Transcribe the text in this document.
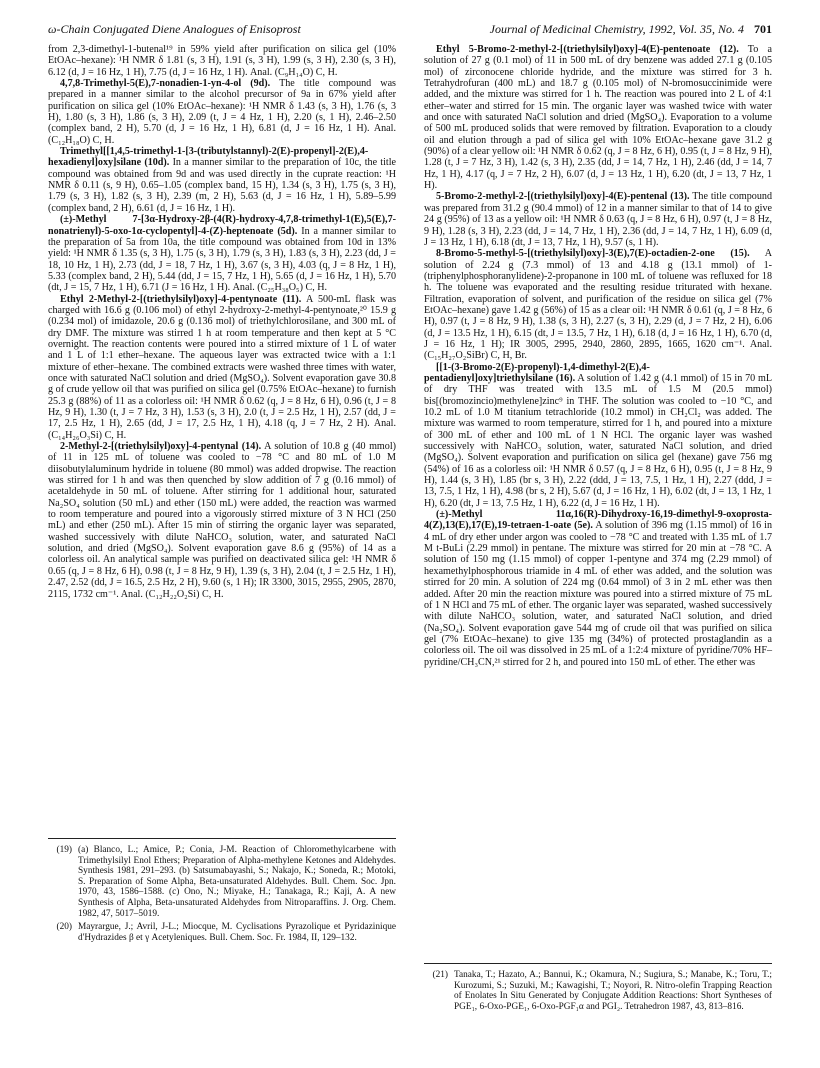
ω-Chain Conjugated Diene Analogues of Enisoprost	Journal of Medicinal Chemistry, 1992, Vol. 35, No. 4 701

from 2,3-dimethyl-1-butenal¹⁹ in 59% yield after purification on silica gel (10% EtOAc–hexane): ¹H NMR δ 1.81 (s, 3 H), 1.91 (s, 3 H), 1.99 (s, 3 H), 2.30 (s, 3 H), 6.12 (d, J = 16 Hz, 1 H), 7.75 (d, J = 16 Hz, 1 H). Anal. (C₉H₁₄O) C, H.

4,7,8-Trimethyl-5(E),7-nonadien-1-yn-4-ol (9d). The title compound was prepared in a manner similar to the alcohol precursor of 9a in 67% yield after purification on silica gel (10% EtOAc–hexane): ¹H NMR δ 1.43 (s, 3 H), 1.76 (s, 3 H), 1.80 (s, 3 H), 1.86 (s, 3 H), 2.09 (t, J = 4 Hz, 1 H), 2.20 (s, 1 H), 2.46–2.50 (complex band, 2 H), 5.70 (d, J = 16 Hz, 1 H), 6.81 (d, J = 16 Hz, 1 H). Anal. (C₁₂H₁₈O) C, H.

Trimethyl[[1,4,5-trimethyl-1-[3-(tributylstannyl)-2(E)-propenyl]-2(E),4-hexadienyl]oxy]silane (10d). In a manner similar to the preparation of 10c, the title compound was obtained from 9d and was used directly in the cuprate reaction: ¹H NMR δ 0.11 (s, 9 H), 0.65–1.05 (complex band, 15 H), 1.34 (s, 3 H), 1.75 (s, 3 H), 1.79 (s, 3 H), 1.82 (s, 3 H), 2.39 (m, 2 H), 5.63 (d, J = 16 Hz, 1 H), 5.89–5.99 (complex band, 2 H), 6.61 (d, J = 16 Hz, 1 H).

(±)-Methyl 7-[3α-Hydroxy-2β-(4(R)-hydroxy-4,7,8-trimethyl-1(E),5(E),7-nonatrienyl)-5-oxo-1α-cyclopentyl]-4-(Z)-heptenoate (5d). In a manner similar to the preparation of 5a from 10a, the title compound was obtained from 10d in 13% yield: ¹H NMR δ 1.35 (s, 3 H), 1.75 (s, 3 H), 1.79 (s, 3 H), 1.83 (s, 3 H), 2.23 (dd, J = 18, 10 Hz, 1 H), 2.73 (dd, J = 18, 7 Hz, 1 H), 3.67 (s, 3 H), 4.03 (q, J = 8 Hz, 1 H), 5.33 (complex band, 2 H), 5.44 (dd, J = 15, 7 Hz, 1 H), 5.65 (d, J = 16 Hz, 1 H), 5.70 (dt, J = 15, 7 Hz, 1 H), 6.71 (J = 16 Hz, 1 H). Anal. (C₂₅H₃₈O₅) C, H.

Ethyl 2-Methyl-2-[(triethylsilyl)oxy]-4-pentynoate (11). A 500-mL flask was charged with 16.6 g (0.106 mol) of ethyl 2-hydroxy-2-methyl-4-pentynoate,²⁰ 15.9 g (0.234 mol) of imidazole, 20.6 g (0.136 mol) of triethylchlorosilane, and 300 mL of dry DMF. The mixture was stirred 1 h at room temperature and then kept at 5 °C overnight. The reaction contents were poured into a stirred mixture of 1 L of water and 1 L of 1:1 ether–hexane. The aqueous layer was extracted twice with a 1:1 mixture of ether–hexane. The combined extracts were washed three times with water, once with saturated NaCl solution and dried (MgSO₄). Solvent evaporation gave 30.8 g of crude yellow oil that was purified on silica gel (0.75% EtOAc–hexane) to furnish 25.3 g (88%) of 11 as a colorless oil: ¹H NMR δ 0.62 (q, J = 8 Hz, 6 H), 0.96 (t, J = 8 Hz, 9 H), 1.30 (t, J = 7 Hz, 3 H), 1.53 (s, 3 H), 2.0 (t, J = 2.5 Hz, 1 H), 2.57 (dd, J = 17, 2.5 Hz, 1 H), 2.65 (dd, J = 17, 2.5 Hz, 1 H), 4.18 (q, J = 7 Hz, 2 H). Anal. (C₁₄H₂₆O₃Si) C, H.

2-Methyl-2-[(triethylsilyl)oxy]-4-pentynal (14). A solution of 10.8 g (40 mmol) of 11 in 125 mL of toluene was cooled to −78 °C and 80 mL of 1.0 M diisobutylaluminum hydride in toluene (80 mmol) was added dropwise. The reaction was stirred for 1 h and was then quenched by slow addition of 7 g (0.16 mmol) of acetaldehyde in 50 mL of toluene. After stirring for 1 additional hour, saturated Na₂SO₄ solution (50 mL) and ether (150 mL) were added, the reaction was warmed to room temperature and poured into a vigorously stirred mixture of 3 N HCl (250 mL) and ether (250 mL). After 15 min of stirring the organic layer was separated, washed successively with dilute NaHCO₃ solution, water, and saturated NaCl solution, and dried (MgSO₄). Solvent evaporation gave 8.6 g (95%) of 14 as a colorless oil. An analytical sample was purified on deactivated silica gel: ¹H NMR δ 0.65 (q, J = 8 Hz, 6 H), 0.98 (t, J = 8 Hz, 9 H), 1.39 (s, 3 H), 2.04 (t, J = 2.5 Hz, 1 H), 2.47, 2.52 (dd, J = 16.5, 2.5 Hz, 2 H), 9.60 (s, 1 H); IR 3300, 3015, 2955, 2905, 2870, 2115, 1732 cm⁻¹. Anal. (C₁₂H₂₂O₂Si) C, H.

Ethyl 5-Bromo-2-methyl-2-[(triethylsilyl)oxy]-4(E)-pentenoate (12). To a solution of 27 g (0.1 mol) of 11 in 500 mL of dry benzene was added 27.1 g (0.105 mol) of zirconocene chloride hydride, and the mixture was stirred for 3 h. Tetrahydrofuran (400 mL) and 18.7 g (0.105 mol) of N-bromosuccinimide were added, and the mixture was stirred for 1 h. The reaction was poured into 2 L of 4:1 ether–water and stirred for 15 min. The organic layer was washed twice with water and once with saturated NaCl solution and dried (MgSO₄). Evaporation to a volume of 500 mL produced solids that were removed by filtration. Evaporation to a cloudy oil and elution through a pad of silica gel with 10% EtOAc–hexane gave 31.2 g (90%) of a clear yellow oil: ¹H NMR δ 0.62 (q, J = 8 Hz, 6 H), 0.95 (t, J = 8 Hz, 9 H), 1.28 (t, J = 7 Hz, 3 H), 1.42 (s, 3 H), 2.35 (dd, J = 14, 7 Hz, 1 H), 2.46 (dd, J = 14, 7 Hz, 1 H), 4.17 (q, J = 7 Hz, 2 H), 6.07 (d, J = 13 Hz, 1 H), 6.20 (dt, J = 13, 7 Hz, 1 H).

5-Bromo-2-methyl-2-[(triethylsilyl)oxy]-4(E)-pentenal (13). The title compound was prepared from 31.2 g (90.4 mmol) of 12 in a manner similar to that of 14 to give 24 g (95%) of 13 as a yellow oil: ¹H NMR δ 0.63 (q, J = 8 Hz, 6 H), 0.97 (t, J = 8 Hz, 9 H), 1.28 (s, 3 H), 2.23 (dd, J = 14, 7 Hz, 1 H), 2.36 (dd, J = 14, 7 Hz, 1 H), 6.09 (d, J = 13 Hz, 1 H), 6.18 (dt, J = 13, 7 Hz, 1 H), 9.57 (s, 1 H).

8-Bromo-5-methyl-5-[(triethylsilyl)oxy]-3(E),7(E)-octadien-2-one (15). A solution of 2.24 g (7.3 mmol) of 13 and 4.18 g (13.1 mmol) of 1-(triphenylphosphoranylidene)-2-propanone in 100 mL of toluene was refluxed for 18 h. The toluene was evaporated and the resulting residue triturated with hexane. Filtration, evaporation of solvent, and purification of the residue on silica gel (7% EtOAc–hexane) gave 1.42 g (56%) of 15 as a clear oil: ¹H NMR δ 0.61 (q, J = 8 Hz, 6 H), 0.97 (t, J = 8 Hz, 9 H), 1.38 (s, 3 H), 2.27 (s, 3 H), 2.29 (d, J = 7 Hz, 2 H), 6.06 (d, J = 13.5 Hz, 1 H), 6.15 (dt, J = 13.5, 7 Hz, 1 H), 6.18 (d, J = 16 Hz, 1 H), 6.70 (d, J = 16 Hz, 1 H); IR 3005, 2995, 2940, 2860, 2895, 1665, 1620 cm⁻¹. Anal. (C₁₅H₂₇O₂SiBr) C, H, Br.

[[1-(3-Bromo-2(E)-propenyl)-1,4-dimethyl-2(E),4-pentadienyl]oxy]triethylsilane (16). A solution of 1.42 g (4.1 mmol) of 15 in 70 mL of dry THF was treated with 13.5 mL of 1.5 M (20.5 mmol) bis[(bromozincio)methylene]zinc⁹ in THF. The solution was cooled to −10 °C, and 10.2 mL of 1.0 M titanium tetrachloride (10.2 mmol) in CH₂Cl₂ was added. The mixture was warmed to room temperature, stirred for 1 h, and poured into a mixture of 300 mL of ether and 100 mL of 1 N HCl. The organic layer was washed successively with NaHCO₃ solution, water, saturated NaCl solution, and dried (MgSO₄). Solvent evaporation and purification on silica gel (hexane) gave 756 mg (54%) of 16 as a colorless oil: ¹H NMR δ 0.57 (q, J = 8 Hz, 6 H), 0.95 (t, J = 8 Hz, 9 H), 1.44 (s, 3 H), 1.85 (br s, 3 H), 2.22 (ddd, J = 13, 7.5, 1 Hz, 1 H), 2.27 (ddd, J = 13, 7.5, 1 Hz, 1 H), 4.98 (br s, 2 H), 5.67 (d, J = 16 Hz, 1 H), 6.02 (dt, J = 13, 1 Hz, 1 H), 6.20 (dt, J = 13, 7.5 Hz, 1 H), 6.22 (d, J = 16 Hz, 1 H).

(±)-Methyl 11α,16(R)-Dihydroxy-16,19-dimethyl-9-oxoprosta-4(Z),13(E),17(E),19-tetraen-1-oate (5e). A solution of 396 mg (1.15 mmol) of 16 in 4 mL of dry ether under argon was cooled to −78 °C and treated with 1.35 mL of 1.7 M t-BuLi (2.29 mmol) in pentane. The mixture was stirred for 20 min at −78 °C. A solution of 150 mg (1.15 mmol) of copper 1-pentyne and 374 mg (2.29 mmol) of hexamethylphosphorous triamide in 4 mL of ether was added, and the solution was stirred for 20 min. A solution of 224 mg (0.64 mmol) of 3 in 2 mL ether was then added. After 20 min the reaction mixture was poured into a stirred mixture of 75 mL of 1 N HCl and 75 mL of ether. The organic layer was separated, washed successively with dilute NaHCO₃ solution, water, and saturated NaCl solution, and dried (Na₂SO₄). Solvent evaporation gave 544 mg of crude oil that was purified on silica gel (7% EtOAc–hexane) to give 135 mg (34%) of protected prostaglandin as a colorless oil. The oil was dissolved in 25 mL of a 1:2:4 mixture of pyridine/70% HF–pyridine/CH₃CN,²¹ stirred for 2 h, and poured into 150 mL of ether. The ether was

(19) (a) Blanco, L.; Amice, P.; Conia, J-M. Reaction of Chloromethylcarbene with Trimethylsilyl Enol Ethers; Preparation of Alpha-methylene Ketones and Aldehydes. Synthesis 1981, 291–293. (b) Satsumabayashi, S.; Nakajo, K.; Soneda, R.; Motoki, S. Preparation of Some Alpha, Beta-unsaturated Aldehydes. Bull. Chem. Soc. Jpn. 1970, 43, 1586–1588. (c) Ono, N.; Miyake, H.; Tanakaga, R.; Kaji, A. A new Synthesis of Alpha, Beta-unsaturated Aldehydes from Nitroparaffins. J. Org. Chem. 1982, 47, 5017–5019.
(20) Mayrargue, J.; Avril, J-L.; Miocque, M. Cyclisations Pyrazolique et Pyridazinique d'Hydrazides β et γ Acetyleniques. Bull. Chem. Soc. Fr. 1984, II, 129–132.
(21) Tanaka, T.; Hazato, A.; Bannui, K.; Okamura, N.; Sugiura, S.; Manabe, K.; Toru, T.; Kurozumi, S.; Suzuki, M.; Kawagishi, T.; Noyori, R. Nitro-olefin Trapping Reaction of Enolates In Situ Generated by Conjugate Addition Reactions: Short Syntheses of PGE₁, 6-Oxo-PGE₁, 6-Oxo-PGF₁α and PGI₂. Tetrahedron 1987, 43, 813–816.
